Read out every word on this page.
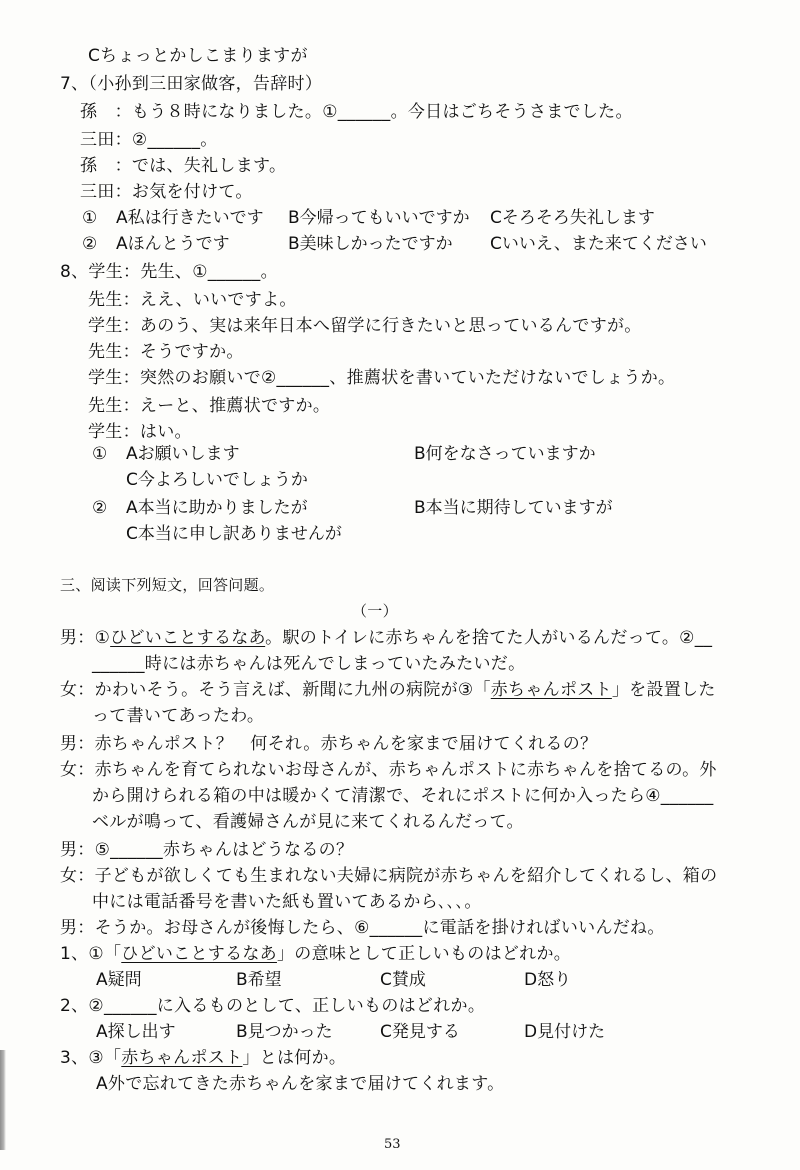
Cちょっとかしこまりますが
7、（小孙到三田家做客，告辞时）
孫　：もう８時になりました。①______。今日はごちそうさまでした。
三田：②______。
孫　：では、失礼します。
三田：お気を付けて。
① A私は行きたいです B今帰ってもいいですか Cそろそろ失礼します
② Aほんとうです	B美味しかったですか Cいいえ、また来てください
8、学生：先生、①______。
先生：ええ、いいですよ。
学生：あのう、実は来年日本へ留学に行きたいと思っているんですが。
先生：そうですか。
学生：突然のお願いで②______、推薦状を書いていただけないでしょうか。
先生：えーと、推薦状ですか。
学生：はい。
① Aお願いします	B何をなさっていますか
C今よろしいでしょうか
② A本当に助かりましたが	B本当に期待していますが
C本当に申し訳ありませんが
三、阅读下列短文，回答问题。
（一）
男：①ひどいことするなあ。駅のトイレに赤ちゃんを捨てた人がいるんだって。②__
______時には赤ちゃんは死んでしまっていたみたいだ。
女：かわいそう。そう言えば、新聞に九州の病院が③「赤ちゃんポスト」を設置した
って書いてあったわ。
男：赤ちゃんポスト？　何それ。赤ちゃんを家まで届けてくれるの？
女：赤ちゃんを育てられないお母さんが、赤ちゃんポストに赤ちゃんを捨てるの。外
から開けられる箱の中は暖かくて清潔で、それにポストに何か入ったら④______
ベルが鳴って、看護婦さんが見に来てくれるんだって。
男：⑤______赤ちゃんはどうなるの？
女：子どもが欲しくても生まれない夫婦に病院が赤ちゃんを紹介してくれるし、箱の
中には電話番号を書いた紙も置いてあるから､､､。
男：そうか。お母さんが後悔したら、⑥______に電話を掛ければいいんだね。
1、①「ひどいことするなあ」の意味として正しいものはどれか。
A疑問	B希望	C賛成	D怒り
2、②______に入るものとして、正しいものはどれか。
A探し出す	B見つかった	C発見する	D見付けた
3、③「赤ちゃんポスト」とは何か。
A外で忘れてきた赤ちゃんを家まで届けてくれます。
53
